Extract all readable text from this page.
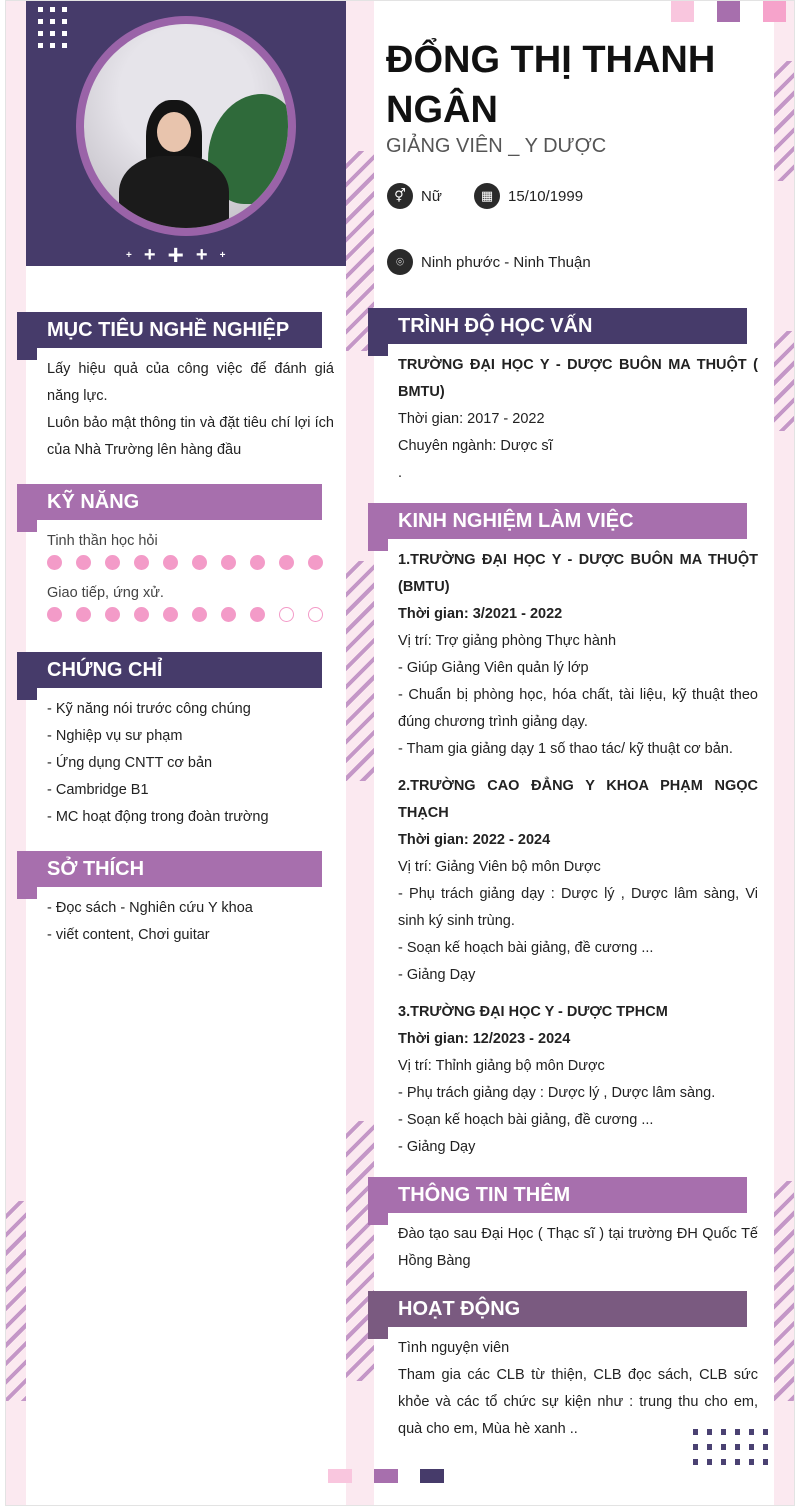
+ + + + +
ĐỔNG THỊ THANH NGÂN
GIẢNG VIÊN _ Y DƯỢC
⚥	Nữ	▦ 15/10/1999
⌾	Ninh phước - Ninh Thuận
MỤC TIÊU NGHỀ NGHIỆP
Lấy hiệu quả của công việc để đánh giá năng lực.
Luôn bảo mật thông tin và đặt tiêu chí lợi ích của Nhà Trường lên hàng đầu
KỸ NĂNG
Tinh thần học hỏi
Giao tiếp, ứng xử.
CHỨNG CHỈ
- Kỹ năng nói trước công chúng
- Nghiệp vụ sư phạm
- Ứng dụng CNTT cơ bản
- Cambridge B1
- MC hoạt động trong đoàn trường
SỞ THÍCH
- Đọc sách - Nghiên cứu Y khoa
- viết content, Chơi guitar
TRÌNH ĐỘ HỌC VẤN
TRƯỜNG ĐẠI HỌC Y - DƯỢC BUÔN MA THUỘT ( BMTU)
Thời gian: 2017 - 2022
Chuyên ngành: Dược sĩ
.
KINH NGHIỆM LÀM VIỆC
1.TRƯỜNG ĐẠI HỌC Y - DƯỢC BUÔN MA THUỘT (BMTU)
Thời gian: 3/2021 - 2022
Vị trí: Trợ giảng phòng Thực hành
- Giúp Giảng Viên quản lý lớp
- Chuẩn bị phòng học, hóa chất, tài liệu, kỹ thuật theo đúng chương trình giảng dạy.
- Tham gia giảng dạy 1 số thao tác/ kỹ thuật cơ bản.
2.TRƯỜNG CAO ĐẲNG Y KHOA PHẠM NGỌC THẠCH
Thời gian: 2022 - 2024
Vị trí: Giảng Viên bộ môn Dược
- Phụ trách giảng dạy : Dược lý , Dược lâm sàng, Vi sinh ký sinh trùng.
- Soạn kế hoạch bài giảng, đề cương ...
- Giảng Dạy
3.TRƯỜNG ĐẠI HỌC Y - DƯỢC TPHCM
Thời gian: 12/2023 - 2024
Vị trí: Thỉnh giảng bộ môn Dược
- Phụ trách giảng dạy : Dược lý , Dược lâm sàng.
- Soạn kế hoạch bài giảng, đề cương ...
- Giảng Dạy
THÔNG TIN THÊM
Đào tạo sau Đại Học ( Thạc sĩ ) tại trường ĐH Quốc Tế Hồng Bàng
HOẠT ĐỘNG
Tình nguyện viên
Tham gia các CLB từ thiện, CLB đọc sách, CLB sức khỏe và các tổ chức sự kiện như : trung thu cho em, quà cho em, Mùa hè xanh ..
